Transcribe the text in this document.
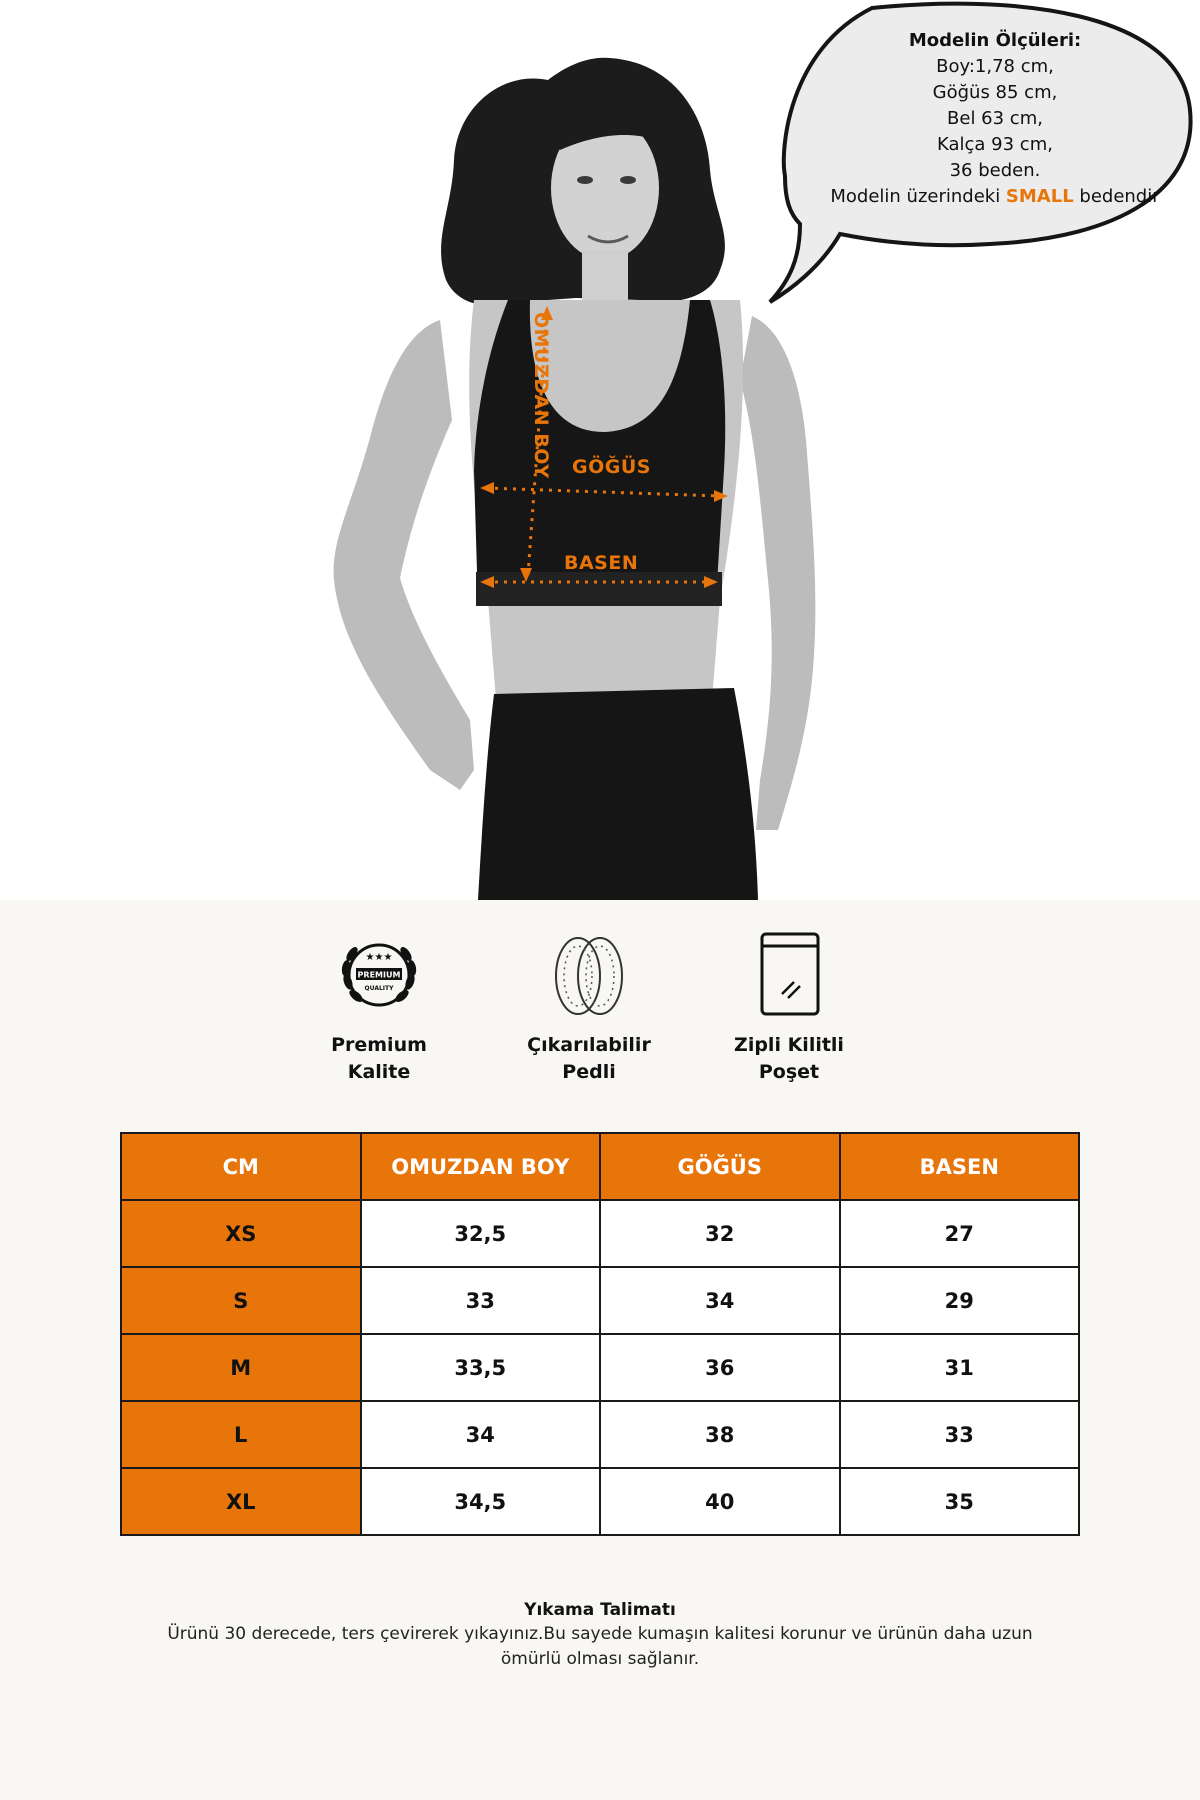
Modelin Ölçüleri:
Boy:1,78 cm,
Göğüs 85 cm,
Bel 63 cm,
Kalça 93 cm,
36 beden.
Modelin üzerindeki SMALL bedendir
OMUZDAN BOY GÖĞÜS
BASEN
★★★
PREMIUM
QUALITY
Premium
Kalite
Çıkarılabilir
Pedli
Zipli Kilitli
Poşet
CM	OMUZDAN BOY	GÖĞÜS	BASEN
XS	32,5	32	27
S	33	34	29
M	33,5	36	31
L	34	38	33
XL	34,5	40	35
Yıkama Talimatı
Ürünü 30 derecede, ters çevirerek yıkayınız.Bu sayede kumaşın kalitesi korunur ve ürünün daha uzun
ömürlü olması sağlanır.
